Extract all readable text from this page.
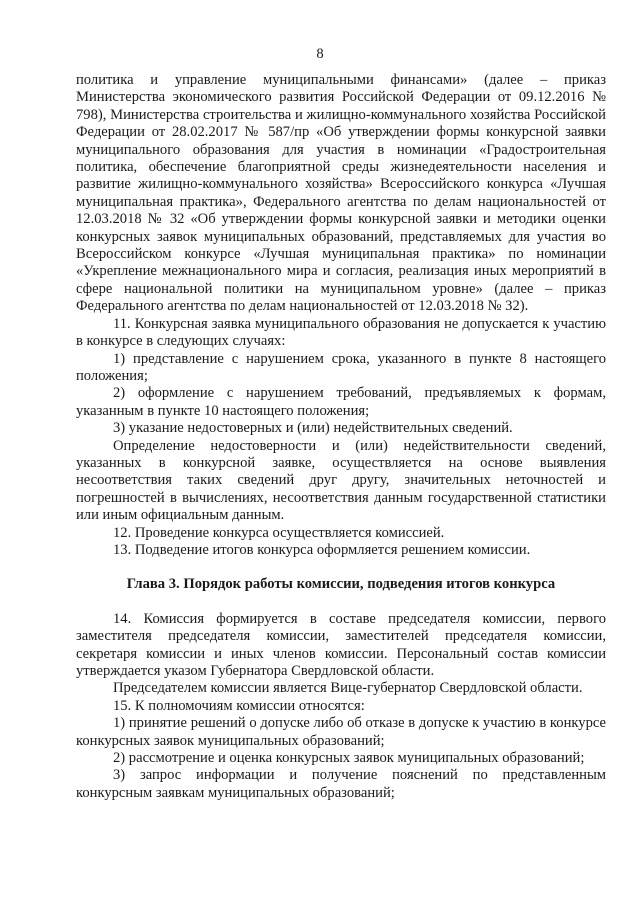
8

политика и управление муниципальными финансами» (далее – приказ Министерства экономического развития Российской Федерации от 09.12.2016 № 798), Министерства строительства и жилищно-коммунального хозяйства Российской Федерации от 28.02.2017 № 587/пр «Об утверждении формы конкурсной заявки муниципального образования для участия в номинации «Градостроительная политика, обеспечение благоприятной среды жизнедеятельности населения и развитие жилищно-коммунального хозяйства» Всероссийского конкурса «Лучшая муниципальная практика», Федерального агентства по делам национальностей от 12.03.2018 № 32 «Об утверждении формы конкурсной заявки и методики оценки конкурсных заявок муниципальных образований, представляемых для участия во Всероссийском конкурсе «Лучшая муниципальная практика» по номинации «Укрепление межнационального мира и согласия, реализация иных мероприятий в сфере национальной политики на муниципальном уровне» (далее – приказ Федерального агентства по делам национальностей от 12.03.2018 № 32).

11. Конкурсная заявка муниципального образования не допускается к участию в конкурсе в следующих случаях:

1) представление с нарушением срока, указанного в пункте 8 настоящего положения;

2) оформление с нарушением требований, предъявляемых к формам, указанным в пункте 10 настоящего положения;

3) указание недостоверных и (или) недействительных сведений.

Определение недостоверности и (или) недействительности сведений, указанных в конкурсной заявке, осуществляется на основе выявления несоответствия таких сведений друг другу, значительных неточностей и погрешностей в вычислениях, несоответствия данным государственной статистики или иным официальным данным.

12. Проведение конкурса осуществляется комиссией.

13. Подведение итогов конкурса оформляется решением комиссии.

Глава 3. Порядок работы комиссии, подведения итогов конкурса

14. Комиссия формируется в составе председателя комиссии, первого заместителя председателя комиссии, заместителей председателя комиссии, секретаря комиссии и иных членов комиссии. Персональный состав комиссии утверждается указом Губернатора Свердловской области.

Председателем комиссии является Вице-губернатор Свердловской области.

15. К полномочиям комиссии относятся:

1) принятие решений о допуске либо об отказе в допуске к участию в конкурсе конкурсных заявок муниципальных образований;

2) рассмотрение и оценка конкурсных заявок муниципальных образований;

3) запрос информации и получение пояснений по представленным конкурсным заявкам муниципальных образований;
